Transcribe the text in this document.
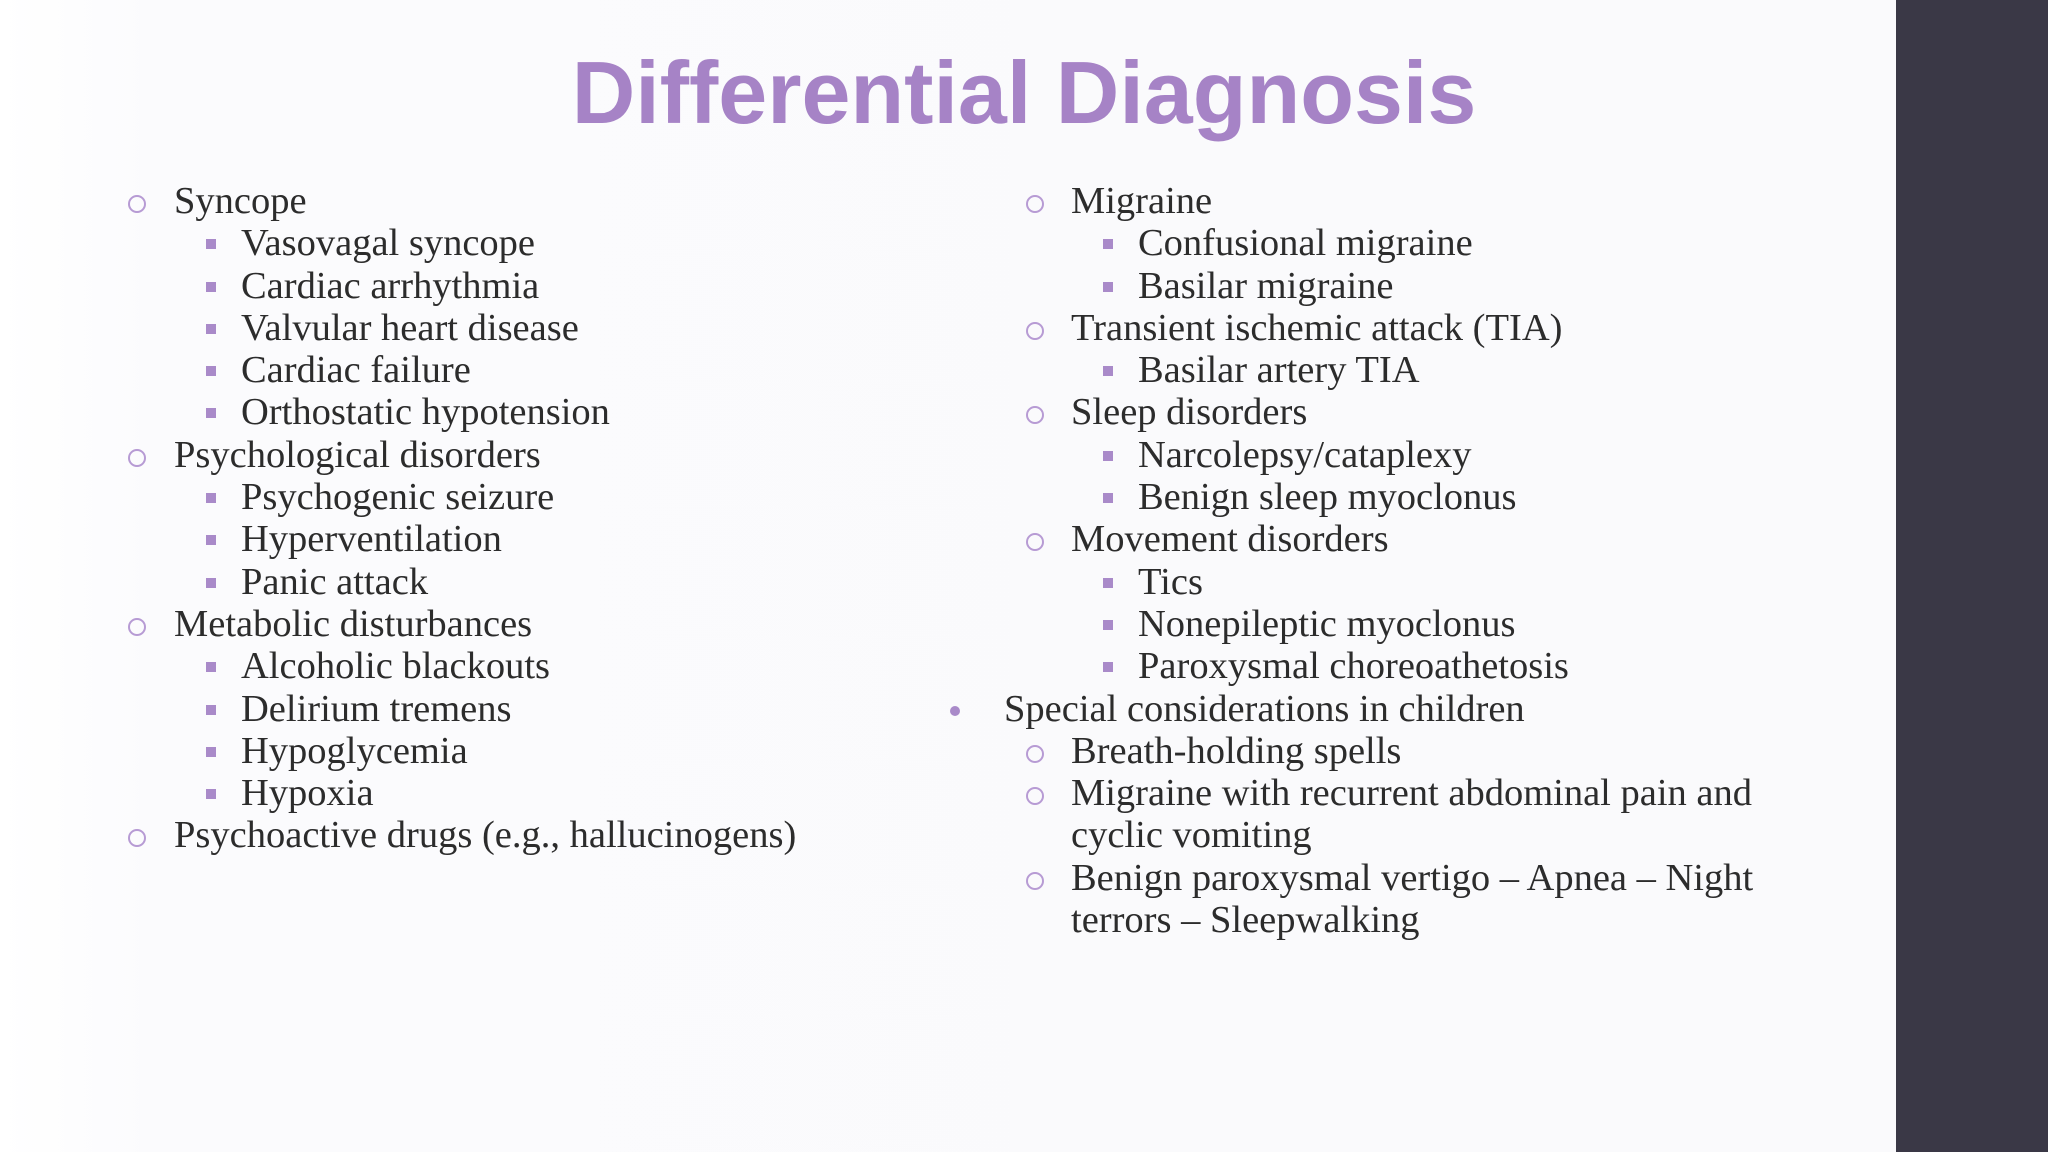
Differential Diagnosis
Syncope
Vasovagal syncope
Cardiac arrhythmia
Valvular heart disease
Cardiac failure
Orthostatic hypotension
Psychological disorders
Psychogenic seizure
Hyperventilation
Panic attack
Metabolic disturbances
Alcoholic blackouts
Delirium tremens
Hypoglycemia
Hypoxia
Psychoactive drugs (e.g., hallucinogens)
Migraine
Confusional migraine
Basilar migraine
Transient ischemic attack (TIA)
Basilar artery TIA
Sleep disorders
Narcolepsy/cataplexy
Benign sleep myoclonus
Movement disorders
Tics
Nonepileptic myoclonus
Paroxysmal choreoathetosis
Special considerations in children
Breath-holding spells
Migraine with recurrent abdominal pain and
cyclic vomiting
Benign paroxysmal vertigo – Apnea – Night
terrors – Sleepwalking
